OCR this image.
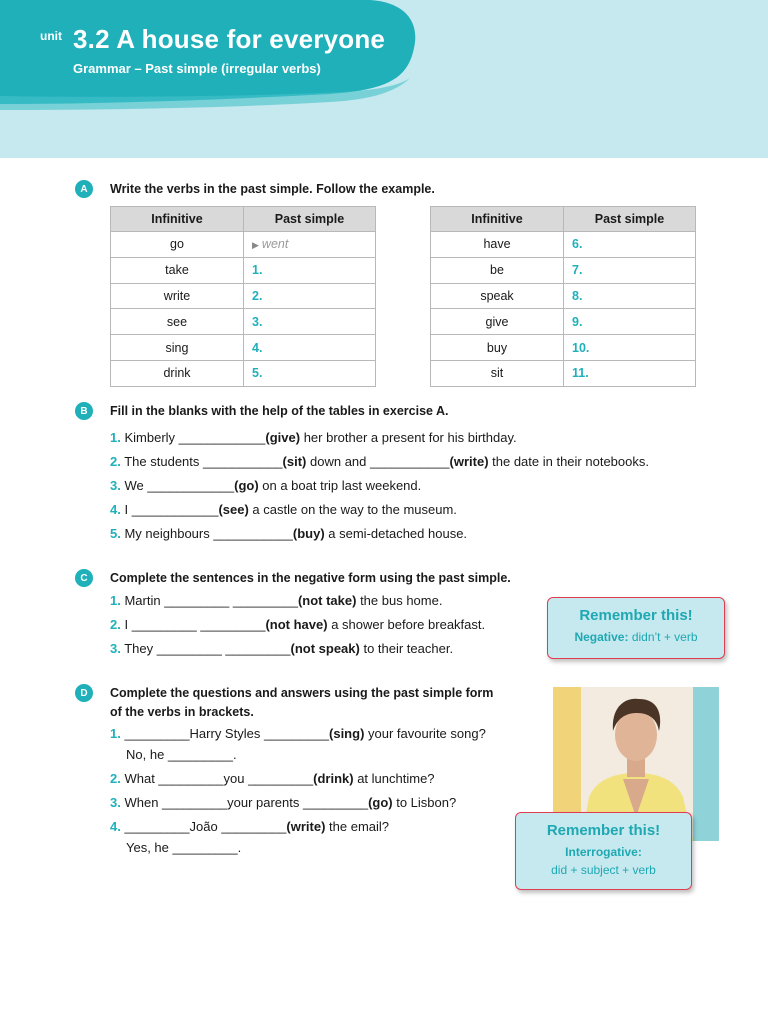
unit 3.2 A house for everyone
Grammar – Past simple (irregular verbs)
A	Write the verbs in the past simple. Follow the example.
Infinitive	Past simple
go	▶ went
take	1.
write	2.
see	3.
sing	4.
drink	5.
Infinitive	Past simple
have	6.
be	7.
speak	8.
give	9.
buy	10.
sit	11.
B	Fill in the blanks with the help of the tables in exercise A.
1. Kimberly ____________(give) her brother a present for his birthday.
2. The students ___________(sit) down and ___________(write) the date in their notebooks.
3. We ____________(go) on a boat trip last weekend.
4. I ____________(see) a castle on the way to the museum.
5. My neighbours ___________(buy) a semi-detached house.
C	Complete the sentences in the negative form using the past simple.
1. Martin _________ _________(not take) the bus home.
2. I _________ _________(not have) a shower before breakfast.
3. They _________ _________(not speak) to their teacher.
Remember this!
Negative: didn’t + verb
D	Complete the questions and answers using the past simple form
of the verbs in brackets.
1. _________Harry Styles _________(sing) your favourite song?
No, he _________.
2. What _________you _________(drink) at lunchtime?
3. When _________your parents _________(go) to Lisbon?
4. _________João _________(write) the email?
Yes, he _________.
Remember this!
Interrogative:
did + subject + verb
